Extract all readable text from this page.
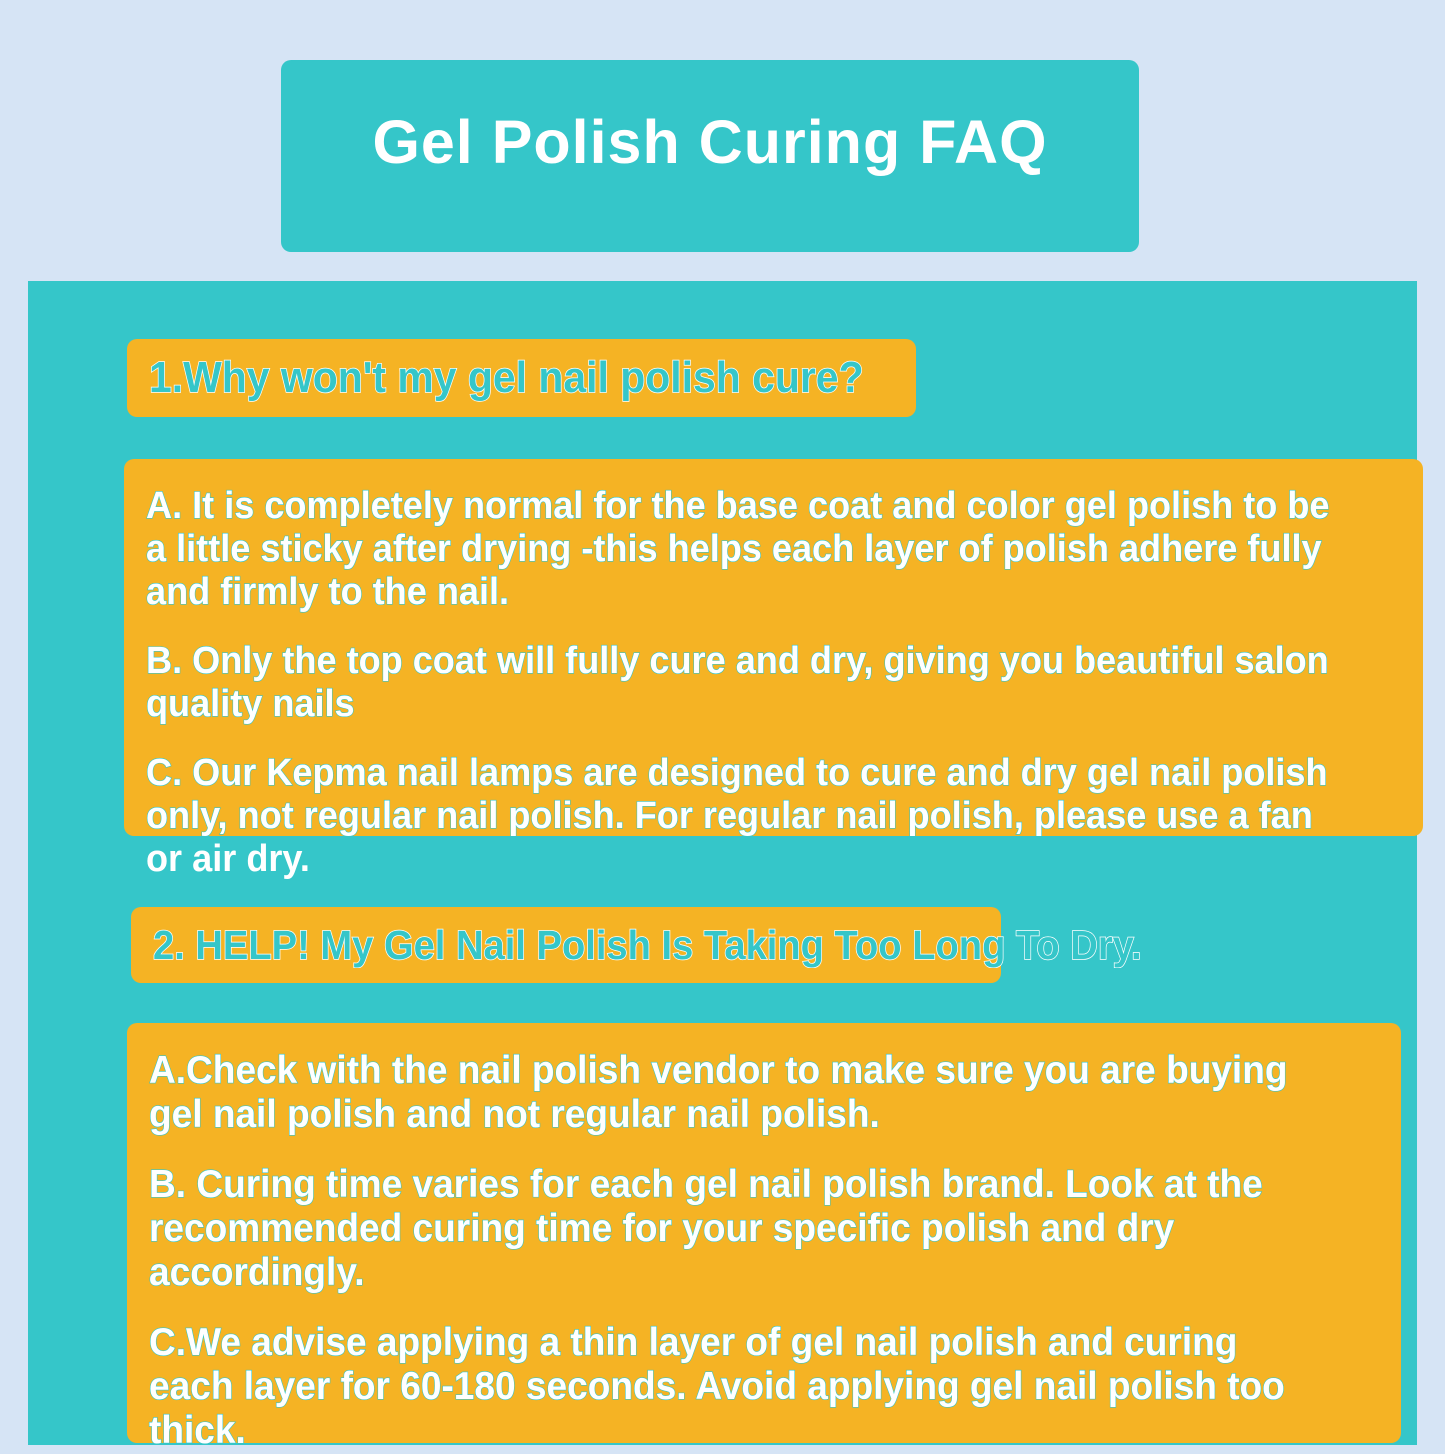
Gel Polish Curing FAQ
1.Why won't my gel nail polish cure?
A. It is completely normal for the base coat and color gel polish to be a little sticky after drying -this helps each layer of polish adhere fully and firmly to the nail.
B. Only the top coat will fully cure and dry, giving you beautiful salon quality nails
C. Our Kepma nail lamps are designed to cure and dry gel nail polish only, not regular nail polish. For regular nail polish, please use a fan or air dry.
2. HELP! My Gel Nail Polish Is Taking Too Long To Dry.
A.Check with the nail polish vendor to make sure you are buying gel nail polish and not regular nail polish.
B. Curing time varies for each gel nail polish brand. Look at the recommended curing time for your specific polish and dry accordingly.
C.We advise applying a thin layer of gel nail polish and curing each layer for 60-180 seconds. Avoid applying gel nail polish too thick.
